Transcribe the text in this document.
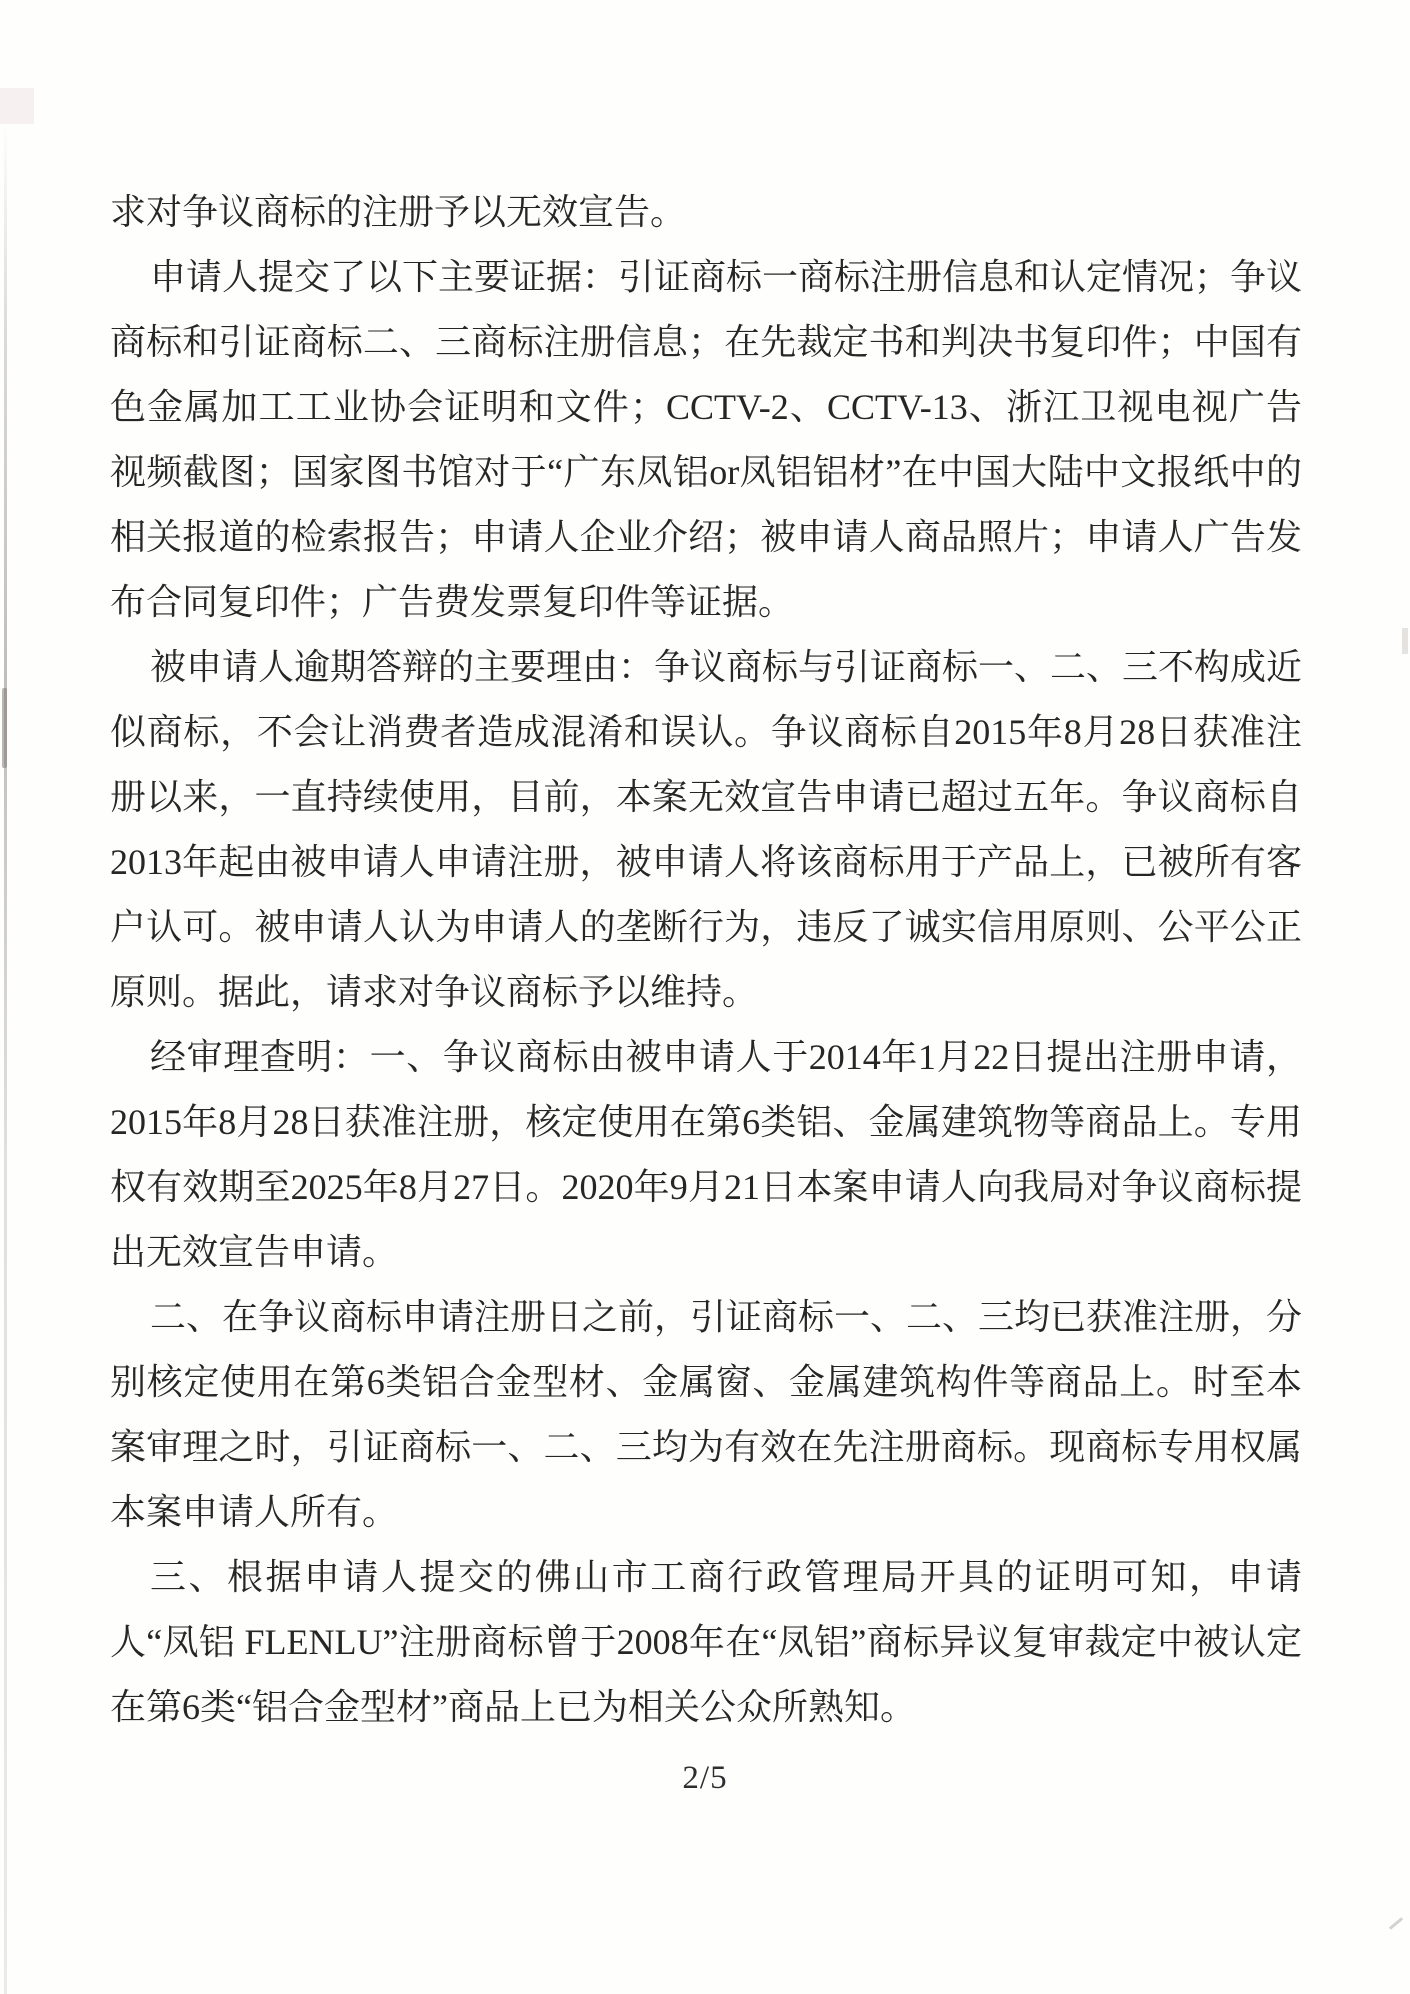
求对争议商标的注册予以无效宣告。

申请人提交了以下主要证据：引证商标一商标注册信息和认定情况；争议商标和引证商标二、三商标注册信息；在先裁定书和判决书复印件；中国有色金属加工工业协会证明和文件；CCTV-2、CCTV-13、浙江卫视电视广告视频截图；国家图书馆对于“广东凤铝or凤铝铝材”在中国大陆中文报纸中的相关报道的检索报告；申请人企业介绍；被申请人商品照片；申请人广告发布合同复印件；广告费发票复印件等证据。

被申请人逾期答辩的主要理由：争议商标与引证商标一、二、三不构成近似商标，不会让消费者造成混淆和误认。争议商标自2015年8月28日获准注册以来，一直持续使用，目前，本案无效宣告申请已超过五年。争议商标自2013年起由被申请人申请注册，被申请人将该商标用于产品上，已被所有客户认可。被申请人认为申请人的垄断行为，违反了诚实信用原则、公平公正原则。据此，请求对争议商标予以维持。

经审理查明：一、争议商标由被申请人于2014年1月22日提出注册申请，2015年8月28日获准注册，核定使用在第6类铝、金属建筑物等商品上。专用权有效期至2025年8月27日。2020年9月21日本案申请人向我局对争议商标提出无效宣告申请。

二、在争议商标申请注册日之前，引证商标一、二、三均已获准注册，分别核定使用在第6类铝合金型材、金属窗、金属建筑构件等商品上。时至本案审理之时，引证商标一、二、三均为有效在先注册商标。现商标专用权属本案申请人所有。

三、根据申请人提交的佛山市工商行政管理局开具的证明可知，申请人“凤铝 FLENLU”注册商标曾于2008年在“凤铝”商标异议复审裁定中被认定在第6类“铝合金型材”商品上已为相关公众所熟知。

2/5
